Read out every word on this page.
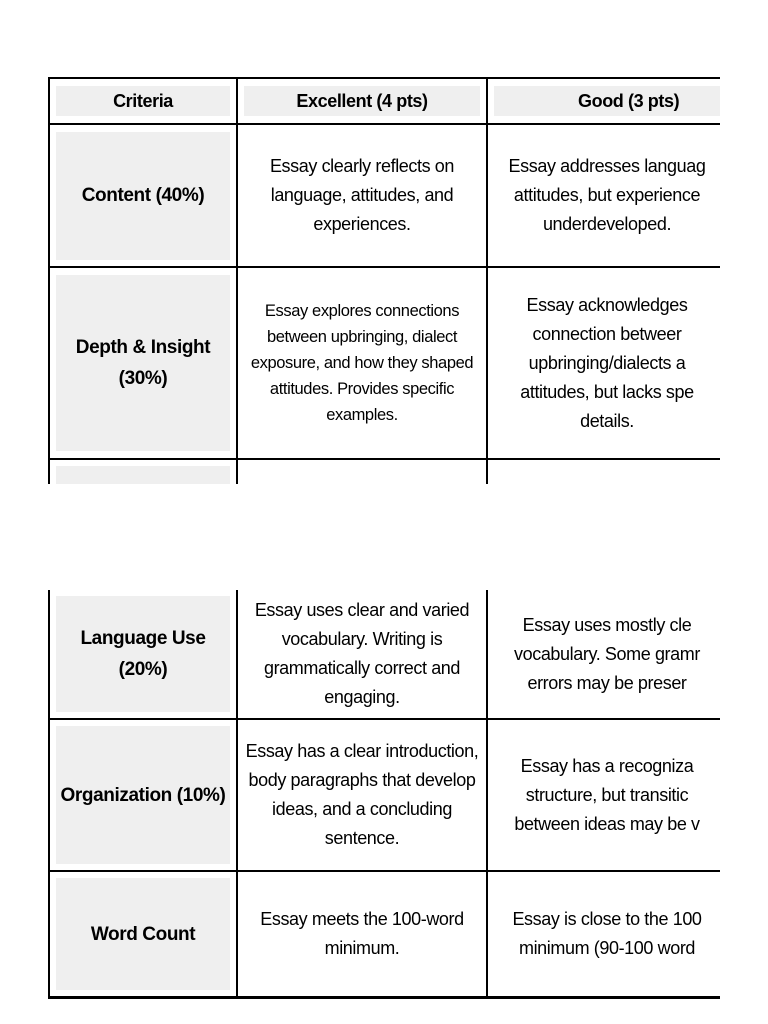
Criteria	Excellent (4 pts)	Good (3 pts)

Content (40%)	Essay clearly reflects on language, attitudes, and experiences.	Essay addresses languag attitudes, but experience underdeveloped.

Depth & Insight (30%)	Essay explores connections between upbringing, dialect exposure, and how they shaped attitudes. Provides specific examples.	Essay acknowledges connection betweer upbringing/dialects a attitudes, but lacks spe details.

Language Use (20%)	Essay uses clear and varied vocabulary. Writing is grammatically correct and engaging.	Essay uses mostly cle vocabulary. Some gramr errors may be preser

Organization (10%)	Essay has a clear introduction, body paragraphs that develop ideas, and a concluding sentence.	Essay has a recogniza structure, but transitic between ideas may be v

Word Count	Essay meets the 100-word minimum.	Essay is close to the 100 minimum (90-100 word
